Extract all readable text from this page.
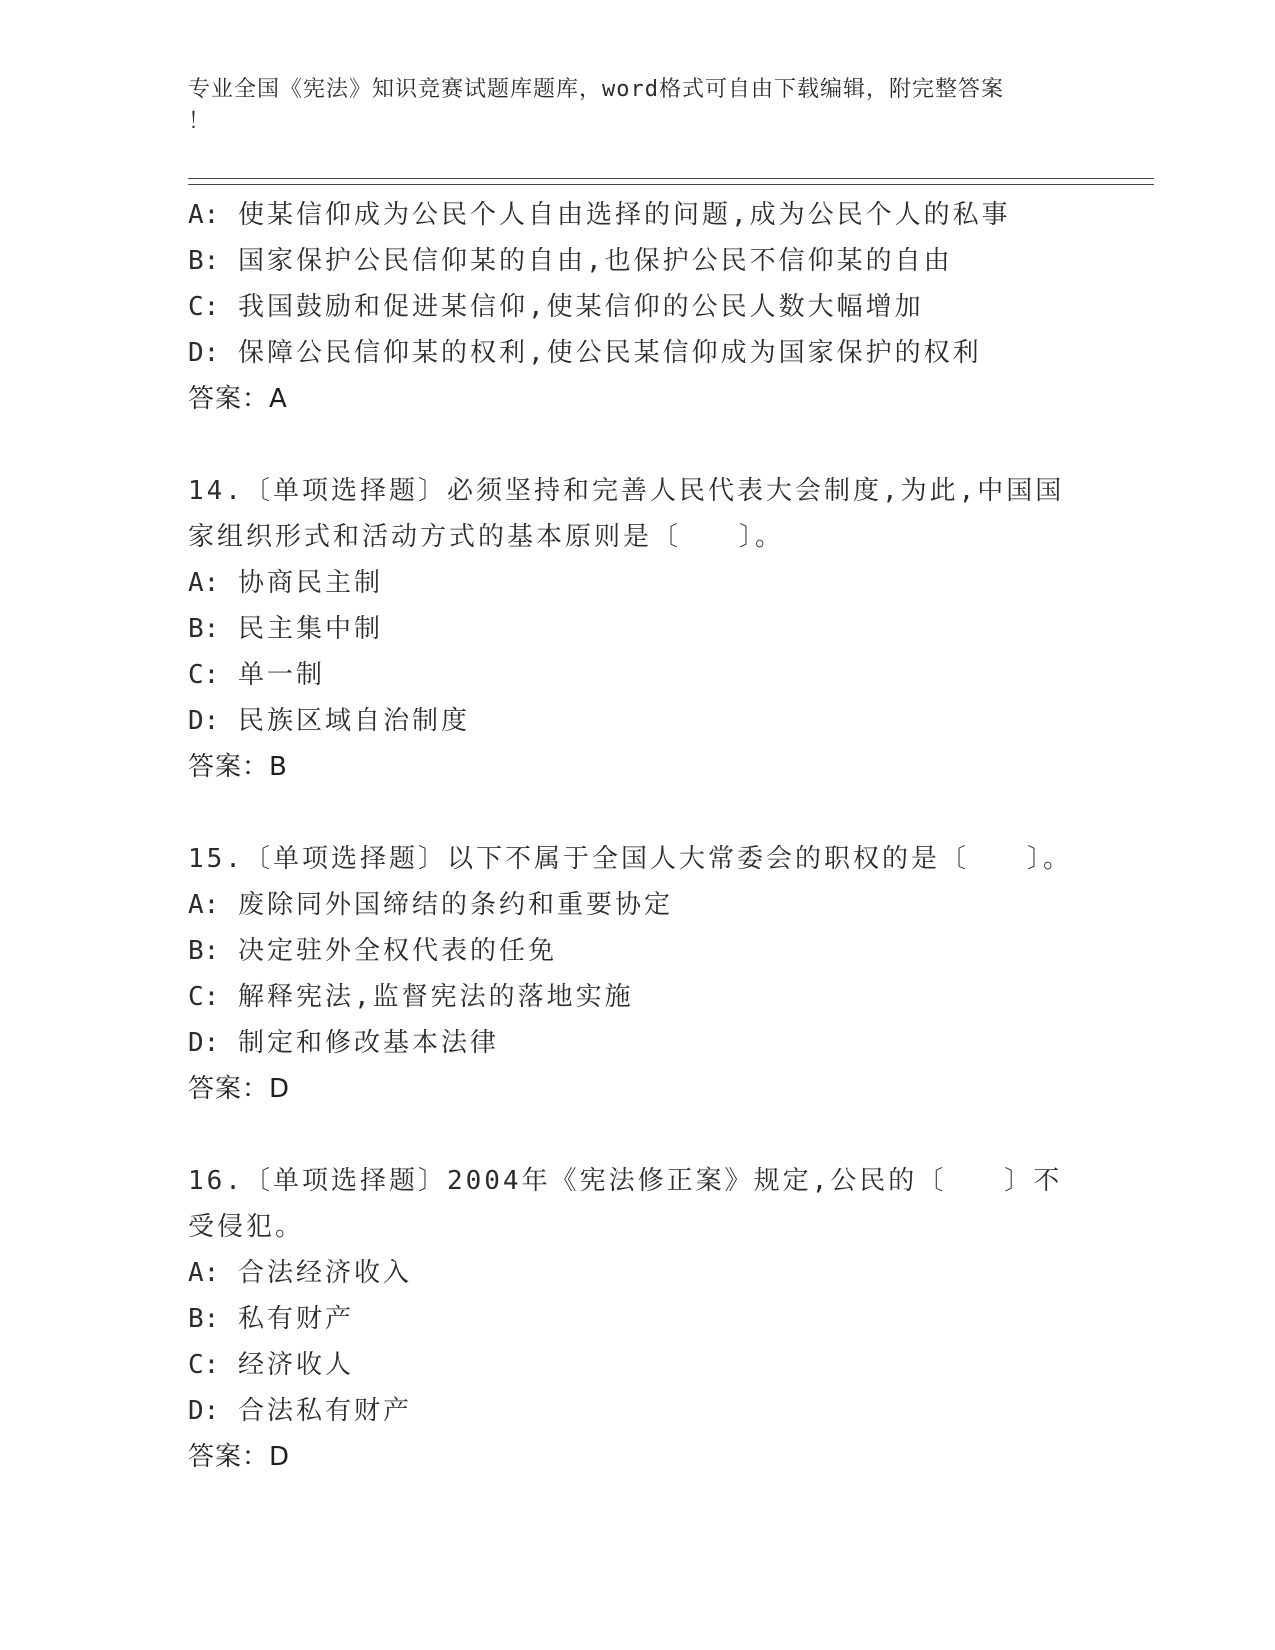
专业全国《宪法》知识竞赛试题库题库，word格式可自由下载编辑，附完整答案
！
A: 使某信仰成为公民个人自由选择的问题,成为公民个人的私事
B: 国家保护公民信仰某的自由,也保护公民不信仰某的自由
C: 我国鼓励和促进某信仰,使某信仰的公民人数大幅增加
D: 保障公民信仰某的权利,使公民某信仰成为国家保护的权利
答案：A
14.〔单项选择题〕必须坚持和完善人民代表大会制度,为此,中国国家组织形式和活动方式的基本原则是〔　　〕。
A: 协商民主制
B: 民主集中制
C: 单一制
D: 民族区域自治制度
答案：B
15.〔单项选择题〕以下不属于全国人大常委会的职权的是〔　　〕。
A: 废除同外国缔结的条约和重要协定
B: 决定驻外全权代表的任免
C: 解释宪法,监督宪法的落地实施
D: 制定和修改基本法律
答案：D
16.〔单项选择题〕2004年《宪法修正案》规定,公民的〔　　〕不受侵犯。
A: 合法经济收入
B: 私有财产
C: 经济收人
D: 合法私有财产
答案：D
